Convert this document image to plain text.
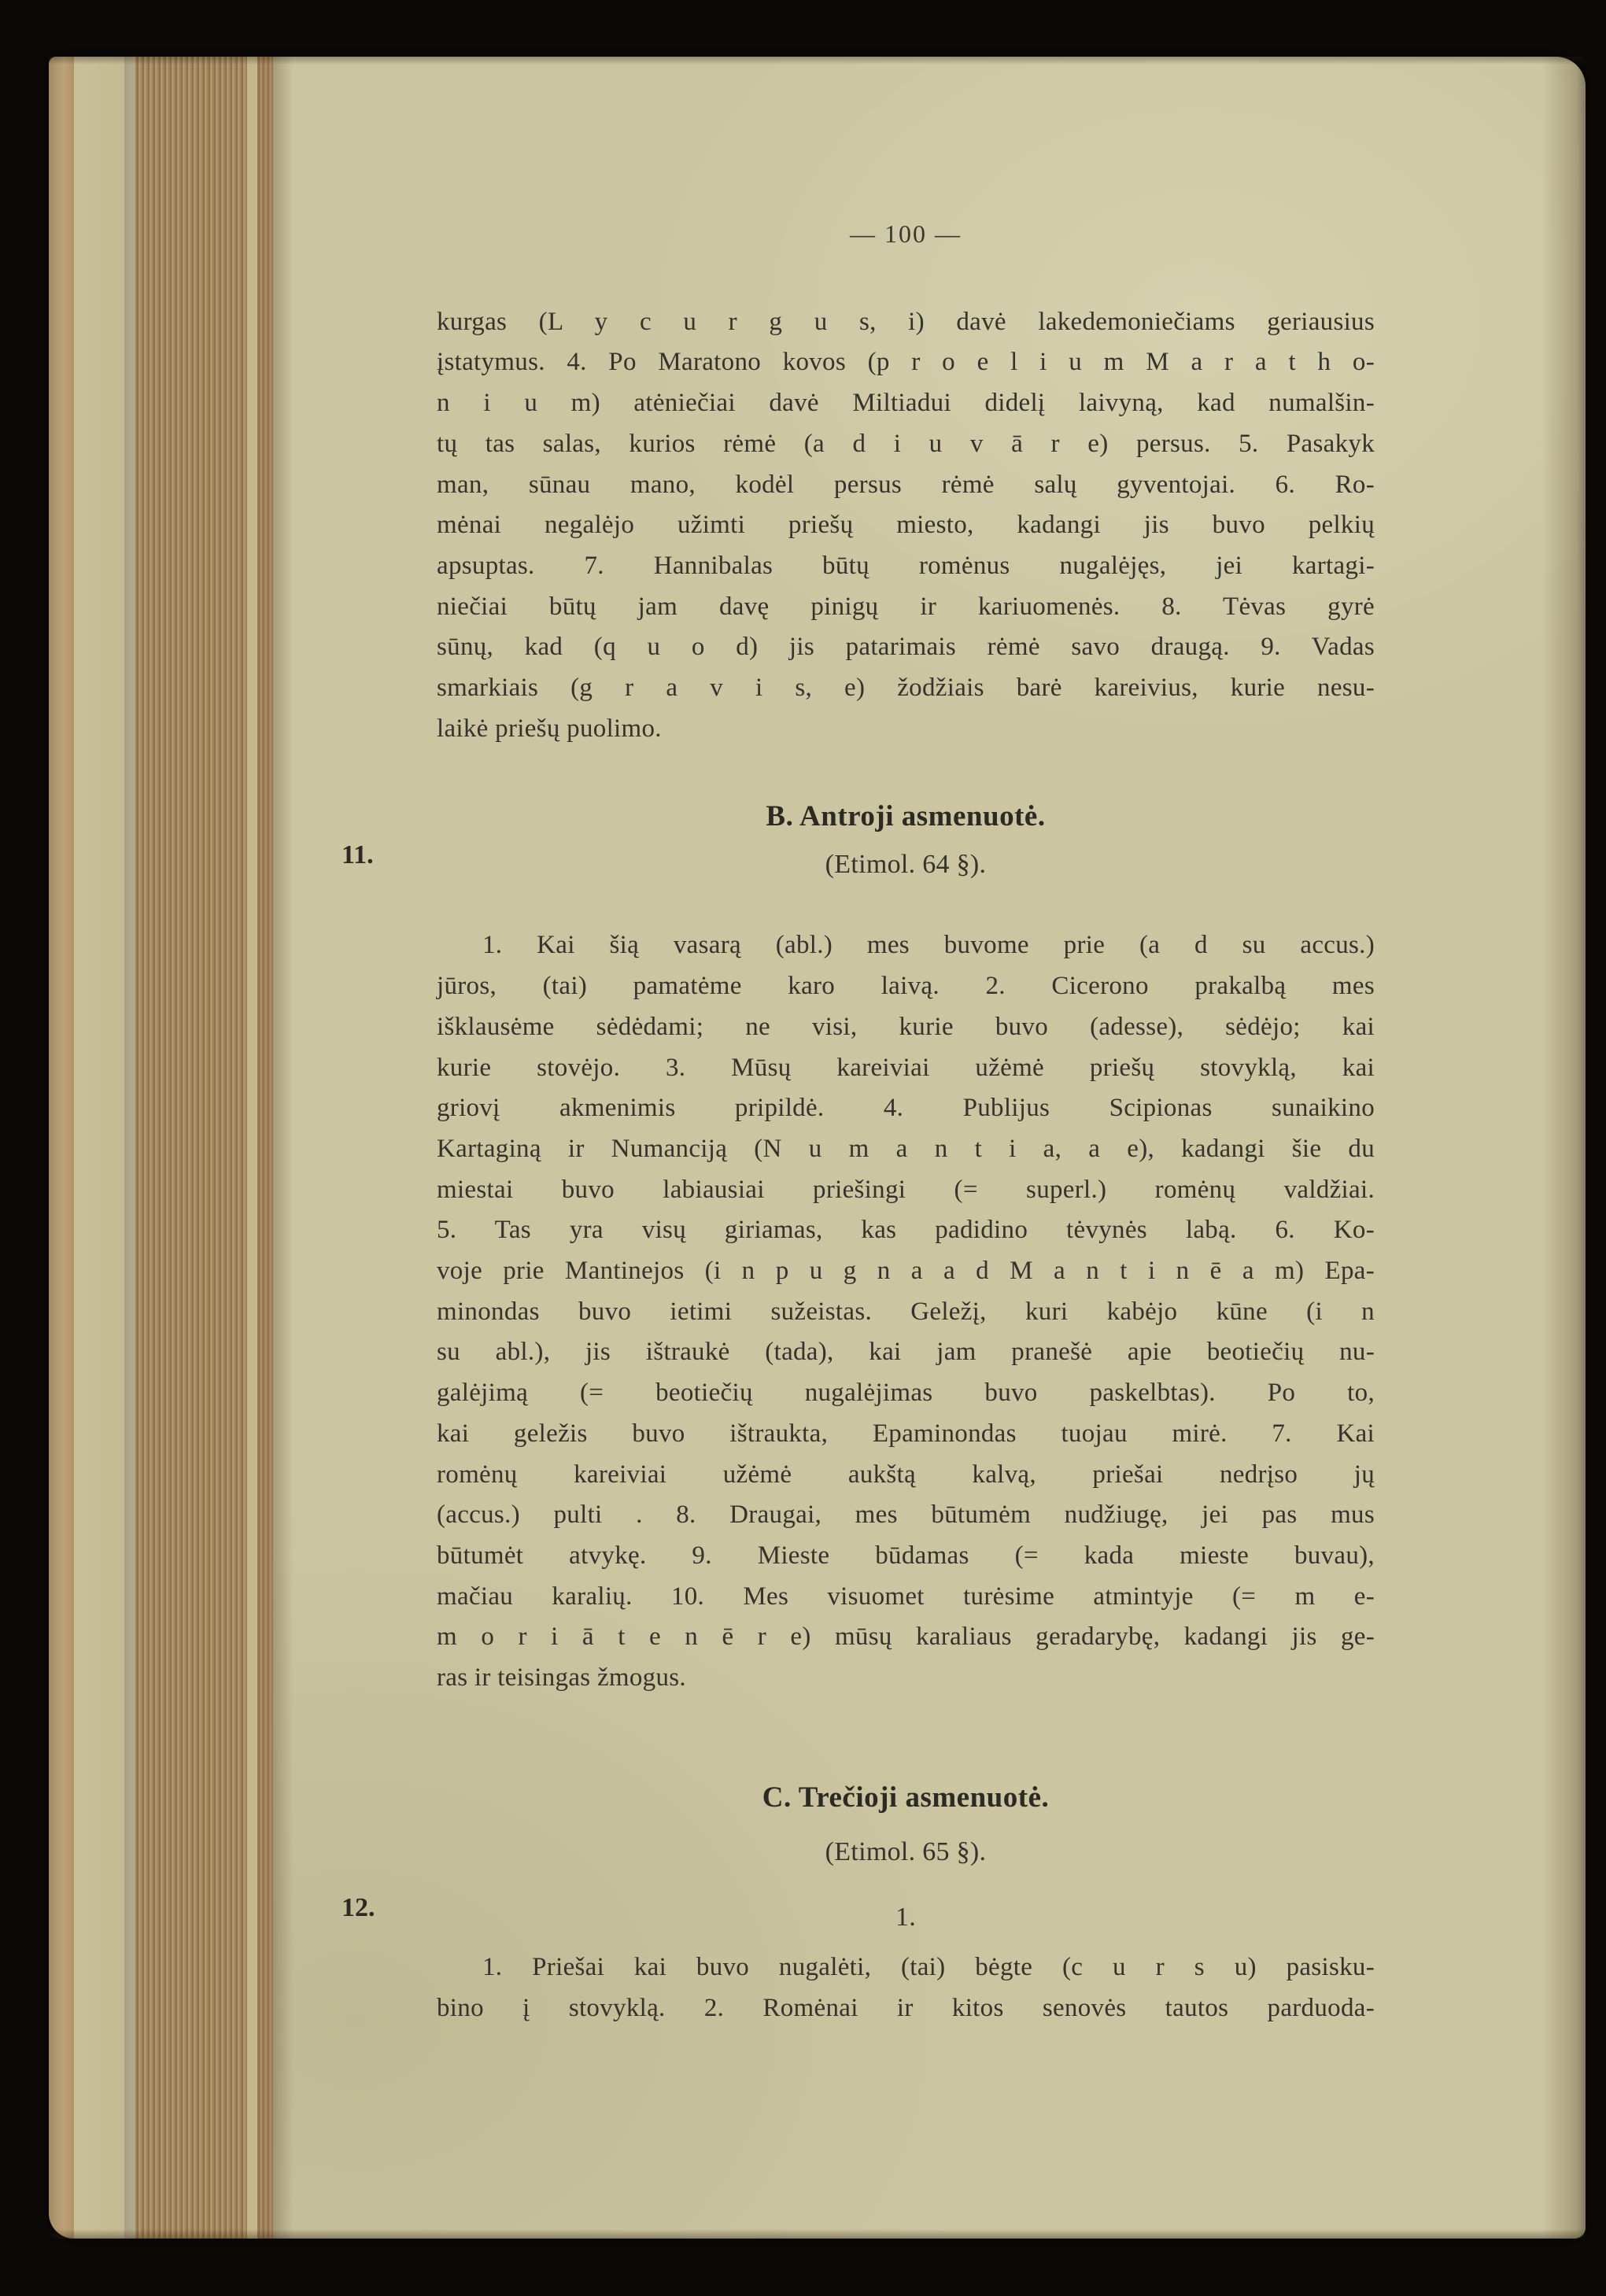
11.
12.
— 100 —
kurgas (L y c u r g u s, i) davė lakedemoniečiams geriausius
įstatymus. 4. Po Maratono kovos (p r o e l i u m M a r a t h o-
n i u m) atėniečiai davė Miltiadui didelį laivyną, kad numalšin-
tų tas salas, kurios rėmė (a d i u v ā r e) persus. 5. Pasakyk
man, sūnau mano, kodėl persus rėmė salų gyventojai. 6. Ro-
mėnai negalėjo užimti priešų miesto, kadangi jis buvo pelkių
apsuptas. 7. Hannibalas būtų romėnus nugalėjęs, jei kartagi-
niečiai būtų jam davę pinigų ir kariuomenės. 8. Tėvas gyrė
sūnų, kad (q u o d) jis patarimais rėmė savo draugą. 9. Vadas
smarkiais (g r a v i s, e) žodžiais barė kareivius, kurie nesu-
laikė priešų puolimo.
B. Antroji asmenuotė.
(Etimol. 64 §).
1. Kai šią vasarą (abl.) mes buvome prie (a d su accus.)
jūros, (tai) pamatėme karo laivą. 2. Cicerono prakalbą mes
išklausėme sėdėdami; ne visi, kurie buvo (adesse), sėdėjo; kai
kurie stovėjo. 3. Mūsų kareiviai užėmė priešų stovyklą, kai
griovį akmenimis pripildė. 4. Publijus Scipionas sunaikino
Kartaginą ir Numanciją (N u m a n t i a, a e), kadangi šie du
miestai buvo labiausiai priešingi (= superl.) romėnų valdžiai.
5. Tas yra visų giriamas, kas padidino tėvynės labą. 6. Ko-
voje prie Mantinejos (i n p u g n a a d M a n t i n ē a m) Epa-
minondas buvo ietimi sužeistas. Geležį, kuri kabėjo kūne (i n
su abl.), jis ištraukė (tada), kai jam pranešė apie beotiečių nu-
galėjimą (= beotiečių nugalėjimas buvo paskelbtas). Po to,
kai geležis buvo ištraukta, Epaminondas tuojau mirė. 7. Kai
romėnų kareiviai užėmė aukštą kalvą, priešai nedrįso jų
(accus.) pulti . 8. Draugai, mes būtumėm nudžiugę, jei pas mus
būtumėt atvykę. 9. Mieste būdamas (= kada mieste buvau),
mačiau karalių. 10. Mes visuomet turėsime atmintyje (= m e-
m o r i ā t e n ē r e) mūsų karaliaus geradarybę, kadangi jis ge-
ras ir teisingas žmogus.
C. Trečioji asmenuotė.
(Etimol. 65 §).
1.
1. Priešai kai buvo nugalėti, (tai) bėgte (c u r s u) pasisku-
bino į stovyklą. 2. Romėnai ir kitos senovės tautos parduoda-
